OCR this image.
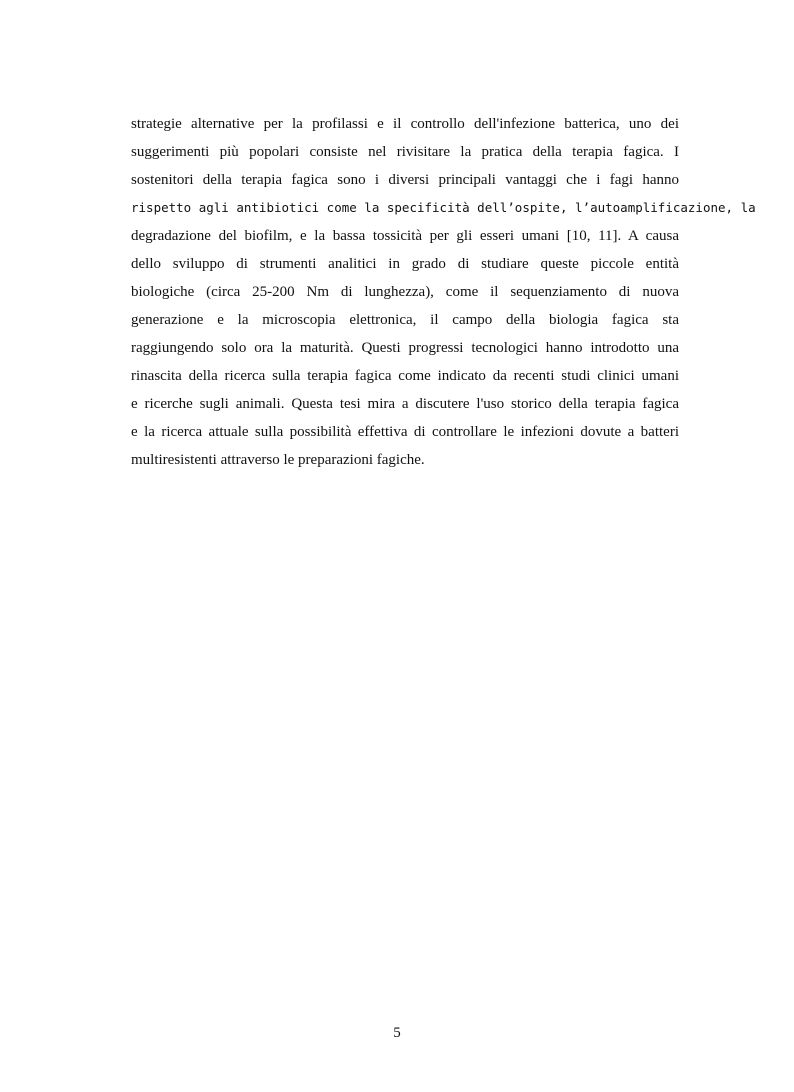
strategie alternative per la profilassi e il controllo dell'infezione batterica, uno dei
suggerimenti più popolari consiste nel rivisitare la pratica della terapia fagica. I
sostenitori della terapia fagica sono i diversi principali vantaggi che i fagi hanno
rispetto agli antibiotici come la specificità dell’ospite, l’autoamplificazione, la
degradazione del biofilm, e la bassa tossicità per gli esseri umani [10, 11]. A causa
dello sviluppo di strumenti analitici in grado di studiare queste piccole entità
biologiche (circa 25-200 Nm di lunghezza), come il sequenziamento di nuova
generazione e la microscopia elettronica, il campo della biologia fagica sta
raggiungendo solo ora la maturità. Questi progressi tecnologici hanno introdotto una
rinascita della ricerca sulla terapia fagica come indicato da recenti studi clinici umani
e ricerche sugli animali. Questa tesi mira a discutere l'uso storico della terapia fagica
e la ricerca attuale sulla possibilità effettiva di controllare le infezioni dovute a batteri
multiresistenti attraverso le preparazioni fagiche.
5
